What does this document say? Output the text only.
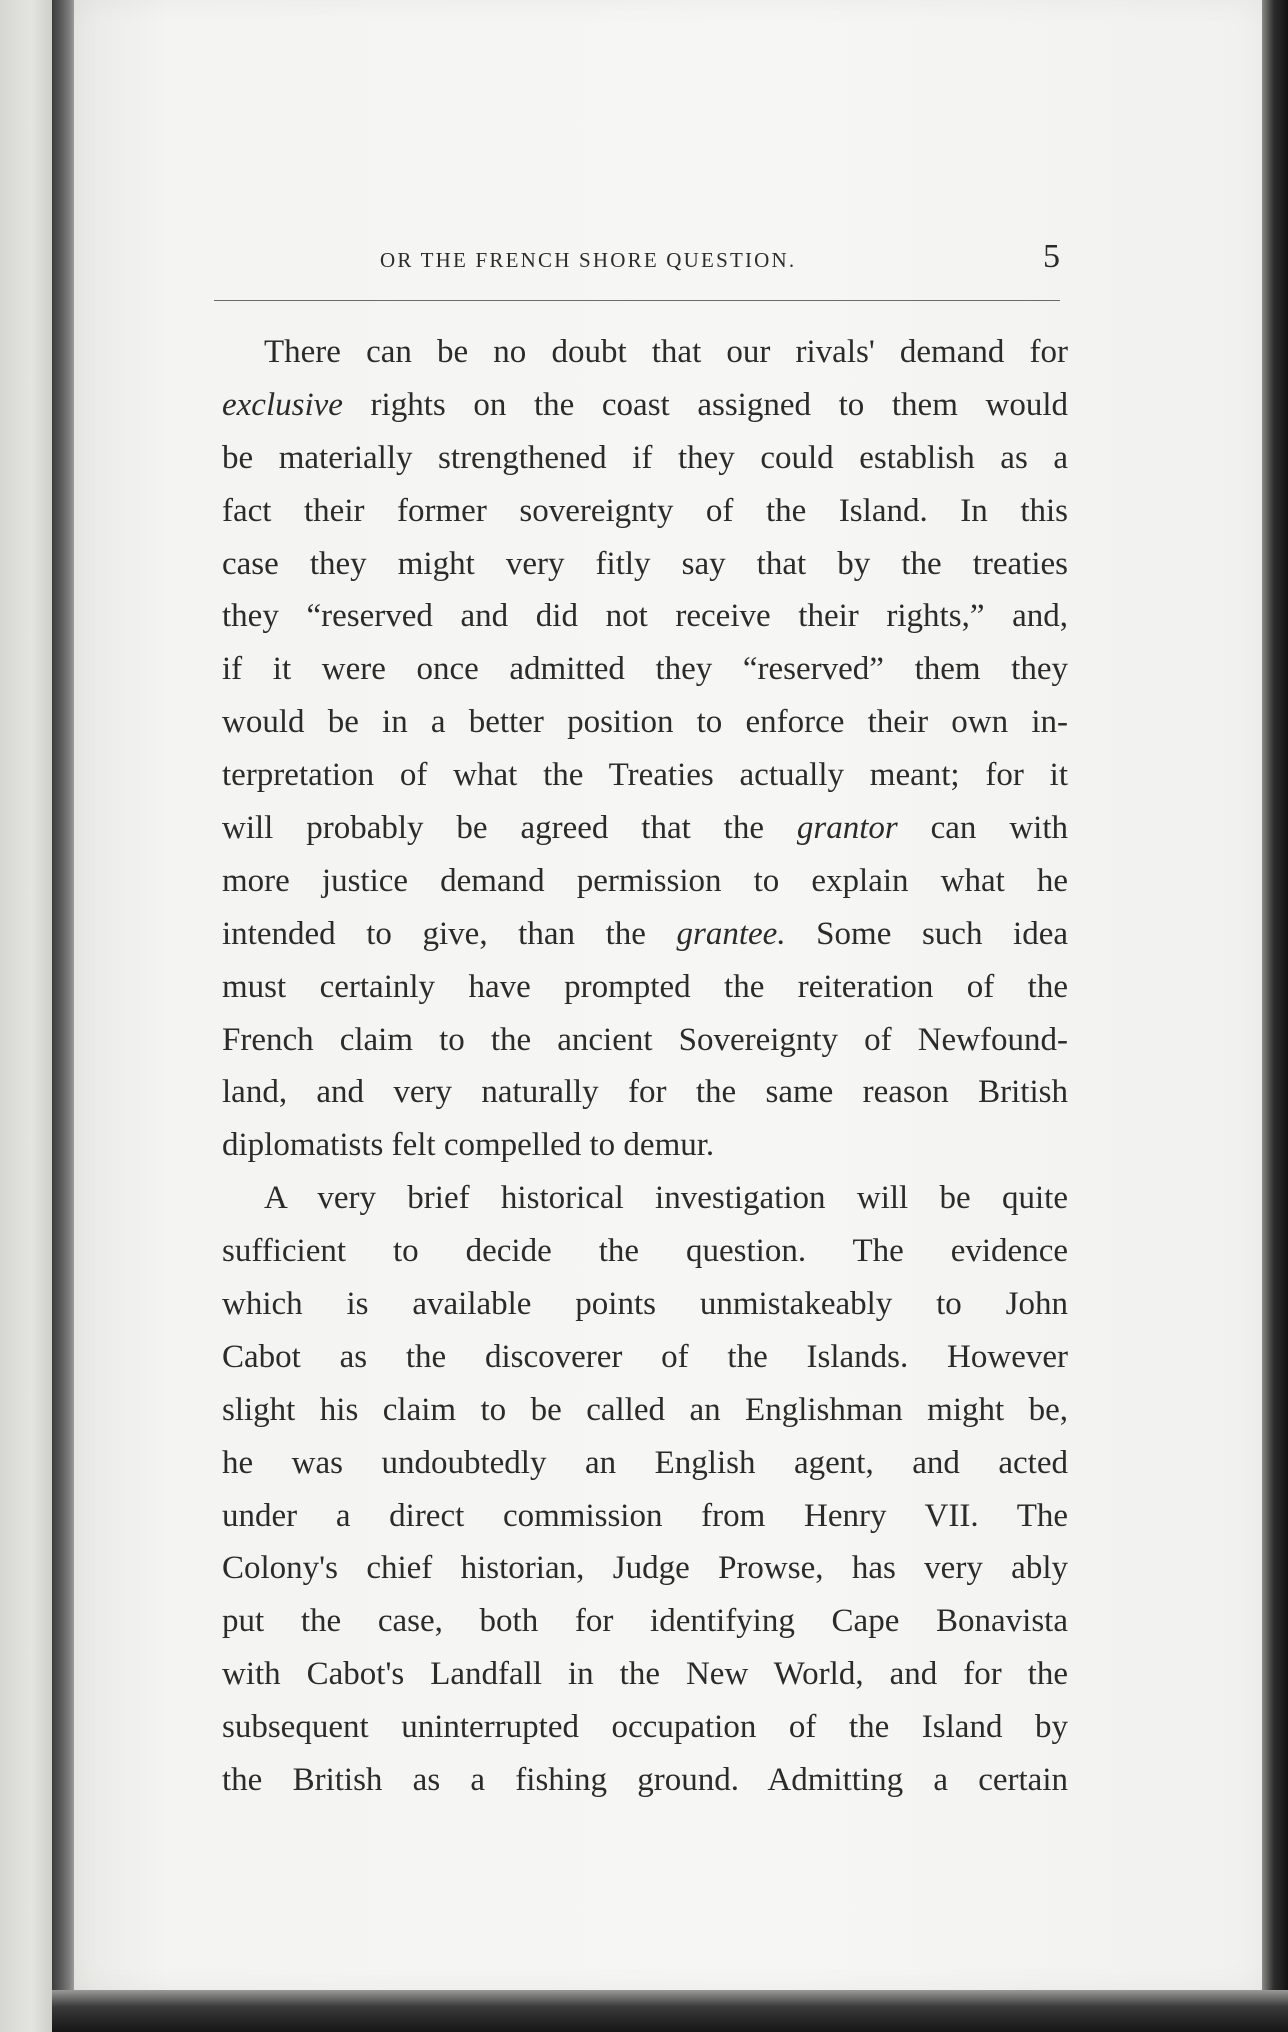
OR THE FRENCH SHORE QUESTION.	5
There can be no doubt that our rivals' demand for
exclusive rights on the coast assigned to them would
be materially strengthened if they could establish as a
fact their former sovereignty of the Island. In this
case they might very fitly say that by the treaties
they “reserved and did not receive their rights,” and,
if it were once admitted they “reserved” them they
would be in a better position to enforce their own in-
terpretation of what the Treaties actually meant; for it
will probably be agreed that the grantor can with
more justice demand permission to explain what he
intended to give, than the grantee. Some such idea
must certainly have prompted the reiteration of the
French claim to the ancient Sovereignty of Newfound-
land, and very naturally for the same reason British
diplomatists felt compelled to demur.
A very brief historical investigation will be quite
sufficient to decide the question. The evidence
which is available points unmistakeably to John
Cabot as the discoverer of the Islands. However
slight his claim to be called an Englishman might be,
he was undoubtedly an English agent, and acted
under a direct commission from Henry VII. The
Colony's chief historian, Judge Prowse, has very ably
put the case, both for identifying Cape Bonavista
with Cabot's Landfall in the New World, and for the
subsequent uninterrupted occupation of the Island by
the British as a fishing ground. Admitting a certain
